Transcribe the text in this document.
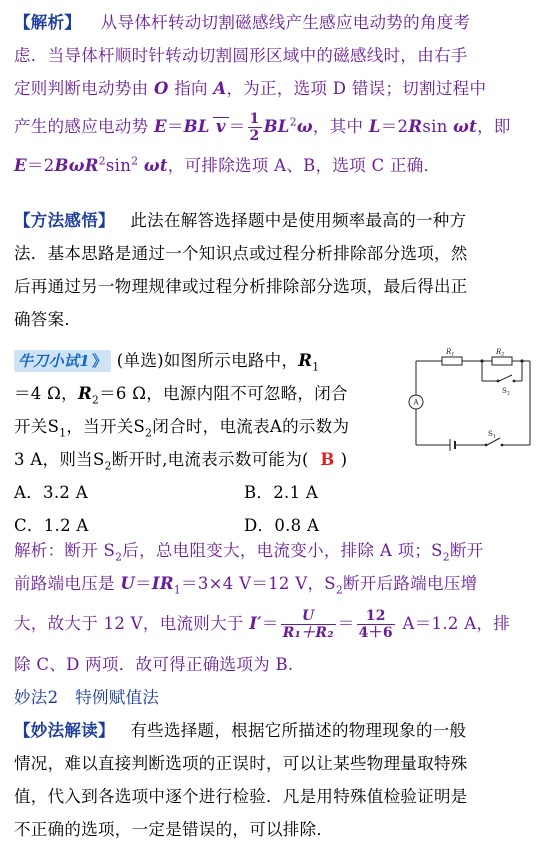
【解析】 从导体杆转动切割磁感线产生感应电动势的角度考
虑．当导体杆顺时针转动切割圆形区域中的磁感线时，由右手
定则判断电动势由 O 指向 A，为正，选项 D 错误；切割过程中
产生的感应电动势 E＝BL $v = \frac{1}{2} BL^2\omega$，其中 L＝2Rsin ωt，即
$E=2B\omega R^2\sin^2$ ωt，可排除选项 A、B，选项 C 正确．
【方法感悟】 此法在解答选择题中是使用频率最高的一种方
法．基本思路是通过一个知识点或过程分析排除部分选项，然
后再通过另一物理规律或过程分析排除部分选项，最后得出正
确答案．
牛刀小试1 》 (单选)如图所示电路中，$R_1$
＝4 Ω，$R_2=6$ Ω，电源内阻不可忽略，闭合
开关$S_1$，当开关$S_2$闭合时，电流表A的示数为
3 A，则当$S_2$断开时,电流表示数可能为( B )
A．3.2 A	B．2.1 A
C．1.2 A	D．0.8 A
$R_1$	$R_2$
$S_2$
$S_1$
A
解析：断开 $S_2$后，总电阻变大，电流变小，排除 A 项；$S_2$断开
前路端电压是 $U=IR_1=3\times 4$ V＝12 V，$S_2$断开后路端电压增
大，故大于 12 V，电流则大于 $I'= \frac{U}{\text{R₁＋R₂}} = \frac{12}{4+6} A=1.2$ A，排
除 C、D 两项．故可得正确选项为 B.
妙法2　特例赋值法
【妙法解读】 有些选择题，根据它所描述的物理现象的一般
情况，难以直接判断选项的正误时，可以让某些物理量取特殊
值，代入到各选项中逐个进行检验．凡是用特殊值检验证明是
不正确的选项，一定是错误的，可以排除．
